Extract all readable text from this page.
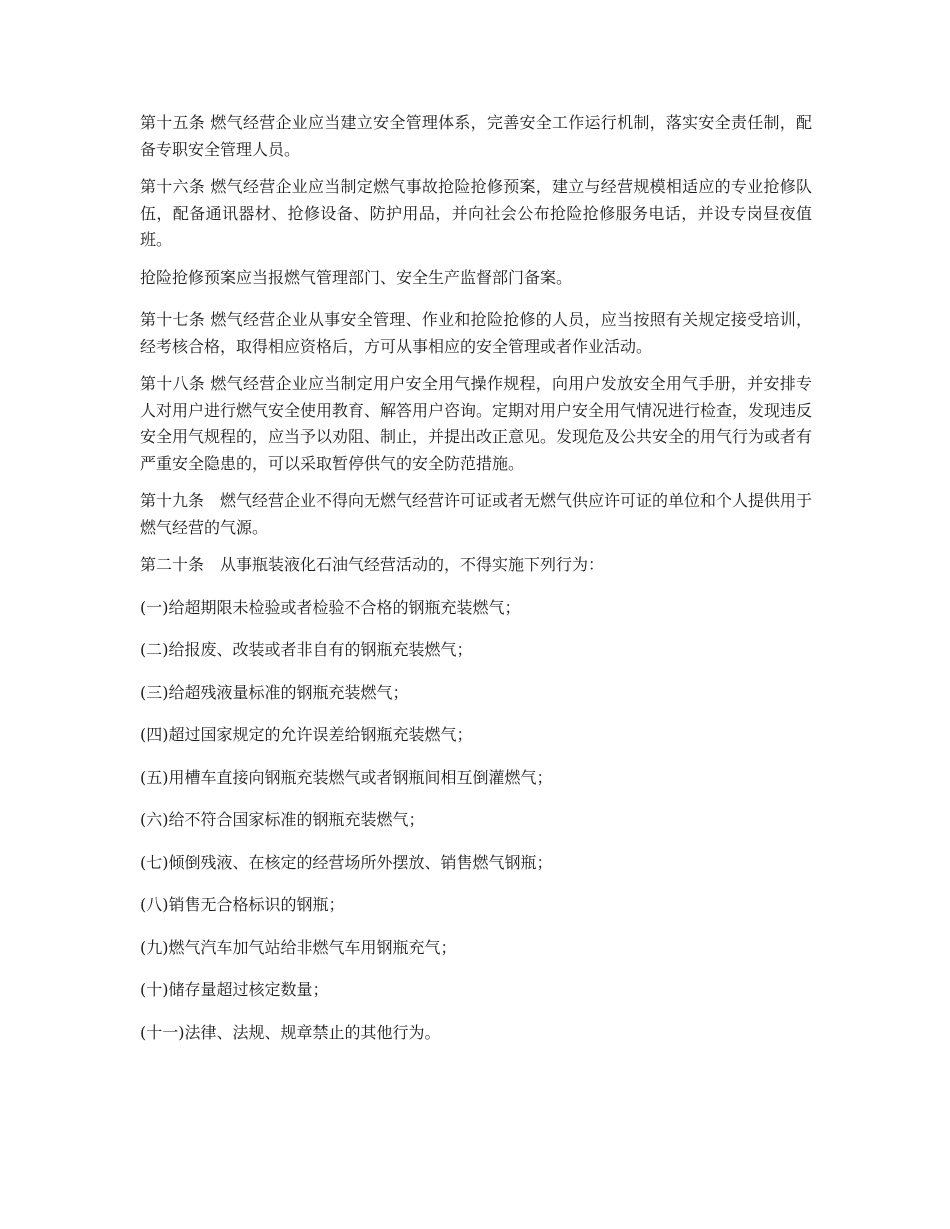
第十五条 燃气经营企业应当建立安全管理体系，完善安全工作运行机制，落实安全责任制，配备专职安全管理人员。

第十六条 燃气经营企业应当制定燃气事故抢险抢修预案，建立与经营规模相适应的专业抢修队伍，配备通讯器材、抢修设备、防护用品，并向社会公布抢险抢修服务电话，并设专岗昼夜值班。

抢险抢修预案应当报燃气管理部门、安全生产监督部门备案。

第十七条 燃气经营企业从事安全管理、作业和抢险抢修的人员，应当按照有关规定接受培训，经考核合格，取得相应资格后，方可从事相应的安全管理或者作业活动。

第十八条 燃气经营企业应当制定用户安全用气操作规程，向用户发放安全用气手册，并安排专人对用户进行燃气安全使用教育、解答用户咨询。定期对用户安全用气情况进行检查，发现违反安全用气规程的，应当予以劝阻、制止，并提出改正意见。发现危及公共安全的用气行为或者有严重安全隐患的，可以采取暂停供气的安全防范措施。

第十九条　燃气经营企业不得向无燃气经营许可证或者无燃气供应许可证的单位和个人提供用于燃气经营的气源。

第二十条　从事瓶装液化石油气经营活动的，不得实施下列行为：

(一)给超期限未检验或者检验不合格的钢瓶充装燃气；

(二)给报废、改装或者非自有的钢瓶充装燃气；

(三)给超残液量标准的钢瓶充装燃气；

(四)超过国家规定的允许误差给钢瓶充装燃气；

(五)用槽车直接向钢瓶充装燃气或者钢瓶间相互倒灌燃气；

(六)给不符合国家标准的钢瓶充装燃气；

(七)倾倒残液、在核定的经营场所外摆放、销售燃气钢瓶；

(八)销售无合格标识的钢瓶；

(九)燃气汽车加气站给非燃气车用钢瓶充气；

(十)储存量超过核定数量；

(十一)法律、法规、规章禁止的其他行为。
